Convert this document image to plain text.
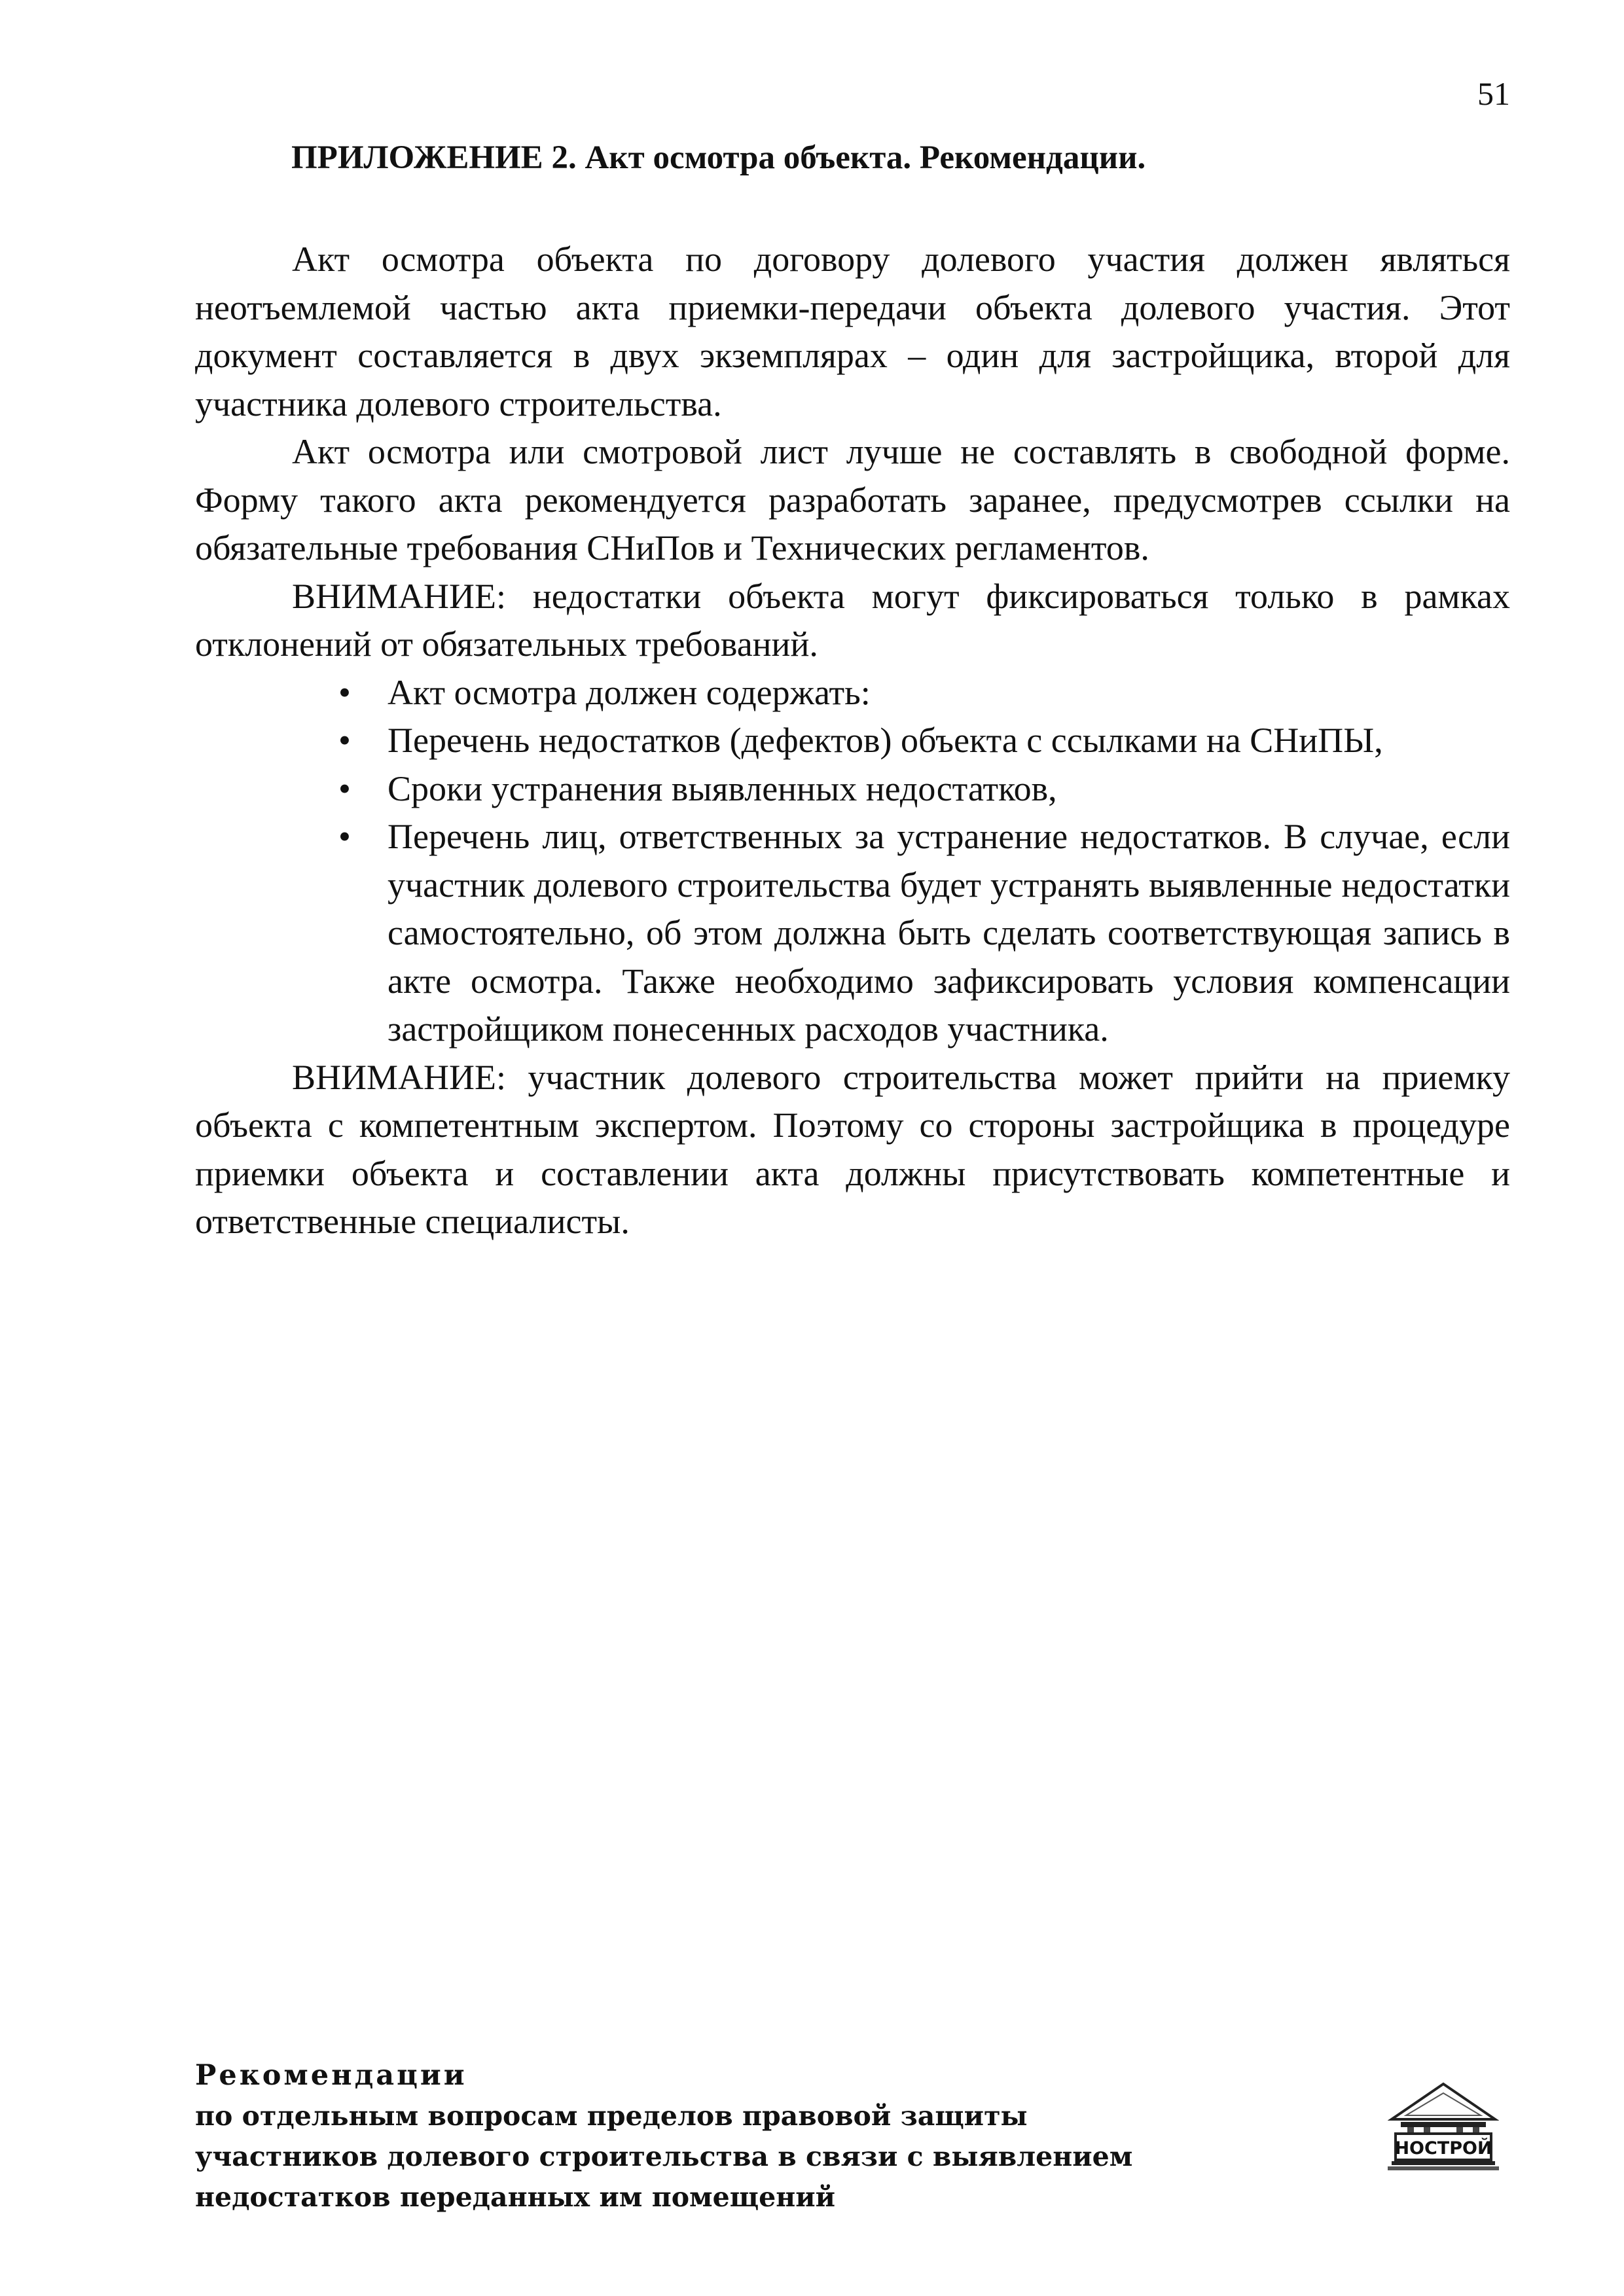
51
ПРИЛОЖЕНИЕ 2. Акт осмотра объекта. Рекомендации.

Акт осмотра объекта по договору долевого участия должен являться неотъемлемой частью акта приемки-передачи объекта долевого участия. Этот документ составляется в двух экземплярах – один для застройщика, второй для участника долевого строительства.

Акт осмотра или смотровой лист лучше не составлять в свободной форме. Форму такого акта рекомендуется разработать заранее, предусмотрев ссылки на обязательные требования СНиПов и Технических регламентов.

ВНИМАНИЕ: недостатки объекта могут фиксироваться только в рамках отклонений от обязательных требований.

• Акт осмотра должен содержать:
• Перечень недостатков (дефектов) объекта с ссылками на СНиПЫ,
• Сроки устранения выявленных недостатков,
• Перечень лиц, ответственных за устранение недостатков. В случае, если участник долевого строительства будет устранять выявленные недостатки самостоятельно, об этом должна быть сделать соответствующая запись в акте осмотра. Также необходимо зафиксировать условия компенсации застройщиком понесенных расходов участника.

ВНИМАНИЕ: участник долевого строительства может прийти на приемку объекта с компетентным экспертом. Поэтому со стороны застройщика в процедуре приемки объекта и составлении акта должны присутствовать компетентные и ответственные специалисты.

Рекомендации
по отдельным вопросам пределов правовой защиты
участников долевого строительства в связи с выявлением
недостатков переданных им помещений
НОСТРОЙ
